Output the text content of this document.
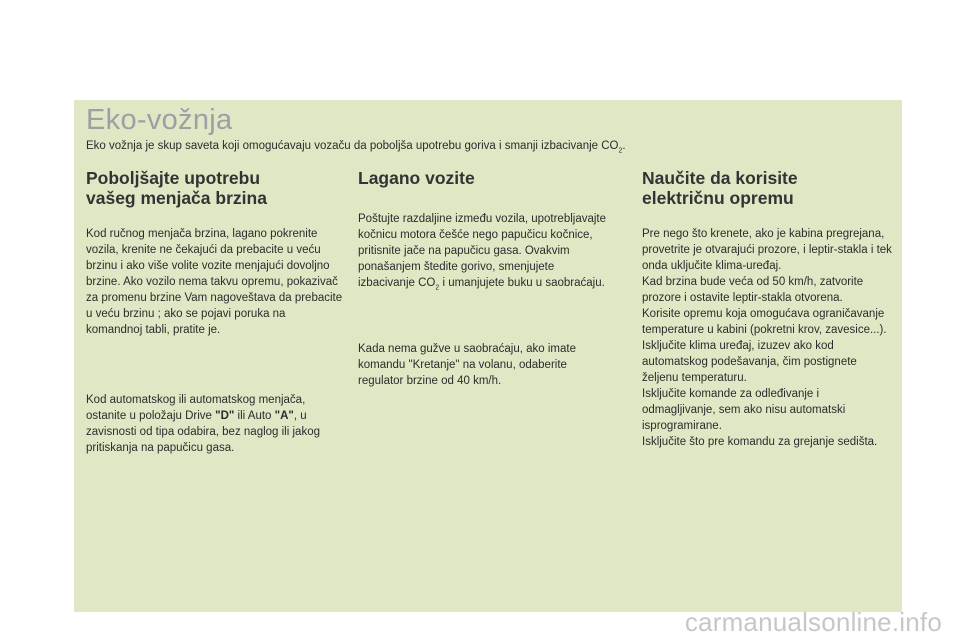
Eko-vožnja
Eko vožnja je skup saveta koji omogućavaju vozaču da poboljša upotrebu goriva i smanji izbacivanje $CO_2$.
Poboljšajte upotrebu
vašeg menjača brzina

Kod ručnog menjača brzina, lagano pokrenite vozila, krenite ne čekajući da prebacite u veću brzinu i ako više volite vozite menjajući dovoljno brzine. Ako vozilo nema takvu opremu, pokazivač za promenu brzine Vam nagoveštava da prebacite u veću brzinu ; ako se pojavi poruka na komandnoj tabli, pratite je.

Kod automatskog ili automatskog menjača, ostanite u položaju Drive "D" ili Auto "A", u zavisnosti od tipa odabira, bez naglog ili jakog pritiskanja na papučicu gasa.

Lagano vozite

Poštujte razdaljine između vozila, upotrebljavajte kočnicu motora češće nego papučicu kočnice, pritisnite jače na papučicu gasa. Ovakvim ponašanjem štedite gorivo, smenjujete izbacivanje $CO_2$ i umanjujete buku u saobraćaju.

Kada nema gužve u saobraćaju, ako imate komandu "Kretanje" na volanu, odaberite regulator brzine od 40 km/h.

Naučite da korisite
električnu opremu

Pre nego što krenete, ako je kabina pregrejana, provetrite je otvarajući prozore, i leptir-stakla i tek onda uključite klima-uređaj.

Kad brzina bude veća od 50 km/h, zatvorite prozore i ostavite leptir-stakla otvorena.

Korisite opremu koja omogućava ograničavanje temperature u kabini (pokretni krov, zavesice...).

Isključite klima uređaj, izuzev ako kod automatskog podešavanja, čim postignete željenu temperaturu.

Isključite komande za odleđivanje i odmagljivanje, sem ako nisu automatski isprogramirane.

Isključite što pre komandu za grejanje sedišta.

carmanualsonline.info
